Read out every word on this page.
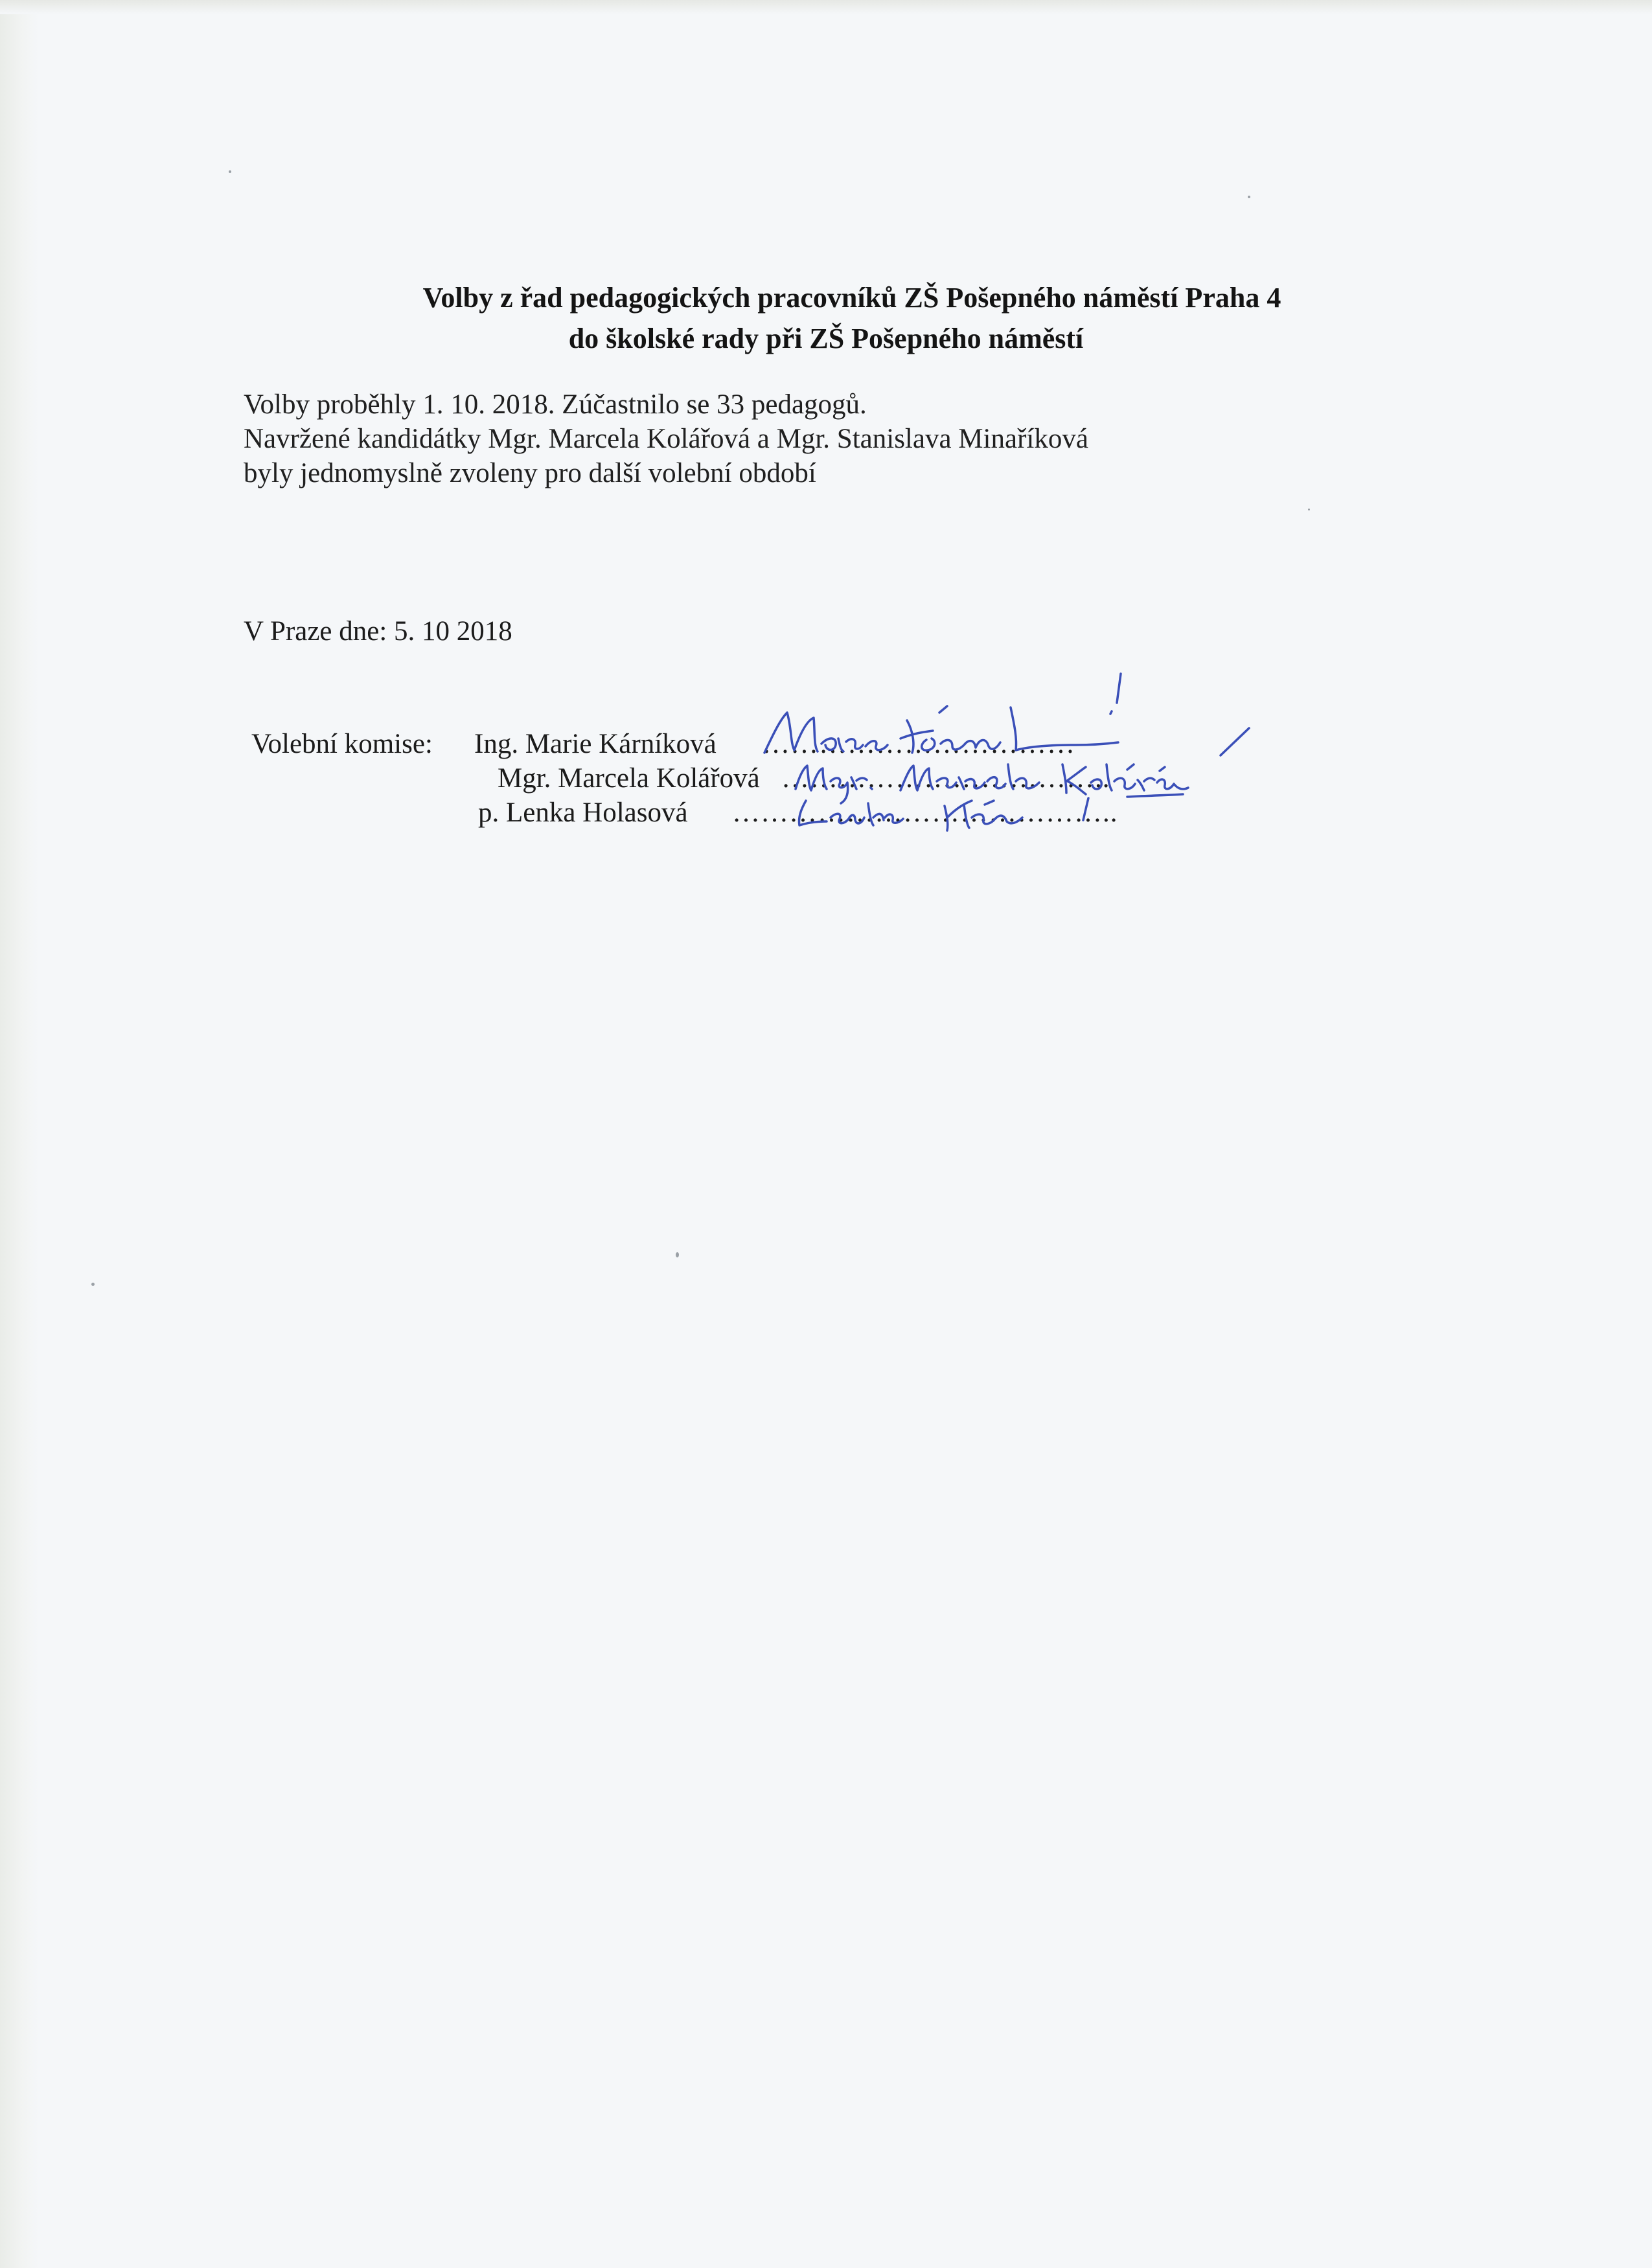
Volby z řad pedagogických pracovníků ZŠ Pošepného náměstí Praha 4
do školské rady při ZŠ Pošepného náměstí
Volby proběhly 1. 10. 2018. Zúčastnilo se 33 pedagogů.
Navržené kandidátky Mgr. Marcela Kolářová a Mgr. Stanislava Minaříková
byly jednomyslně zvoleny pro další volební období
V Praze dne: 5. 10 2018
Volební komise: Ing. Marie Kárníková ……………………………
Mgr. Marcela Kolářová ……………………………..
p. Lenka Holasová …………………………………..
